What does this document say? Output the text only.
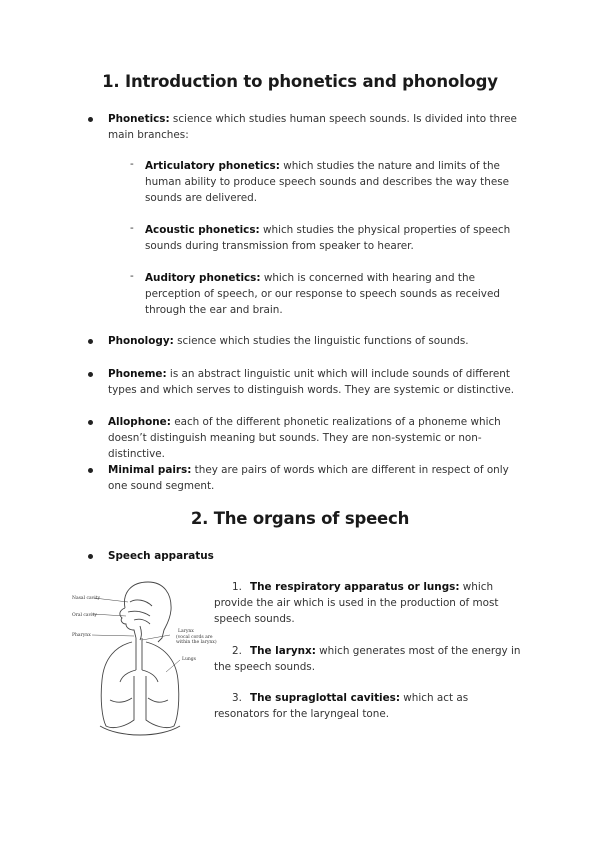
1. Introduction to phonetics and phonology
Phonetics: science which studies human speech sounds. Is divided into three main branches:
- Articulatory phonetics: which studies the nature and limits of the human ability to produce speech sounds and describes the way these sounds are delivered.
- Acoustic phonetics: which studies the physical properties of speech sounds during transmission from speaker to hearer.
- Auditory phonetics: which is concerned with hearing and the perception of speech, or our response to speech sounds as received through the ear and brain.
Phonology: science which studies the linguistic functions of sounds.
Phoneme: is an abstract linguistic unit which will include sounds of different types and which serves to distinguish words. They are systemic or distinctive.
Allophone: each of the different phonetic realizations of a phoneme which doesn’t distinguish meaning but sounds. They are non-systemic or non-distinctive.
Minimal pairs: they are pairs of words which are different in respect of only one sound segment.
2. The organs of speech
Speech apparatus
1. The respiratory apparatus or lungs: which provide the air which is used in the production of most speech sounds.
2. The larynx: which generates most of the energy in the speech sounds.
3. The supraglottal cavities: which act as resonators for the laryngeal tone.
Nasal cavity
Oral cavity
Pharynx
Larynx
(vocal cords are
within the larynx)
Lungs
